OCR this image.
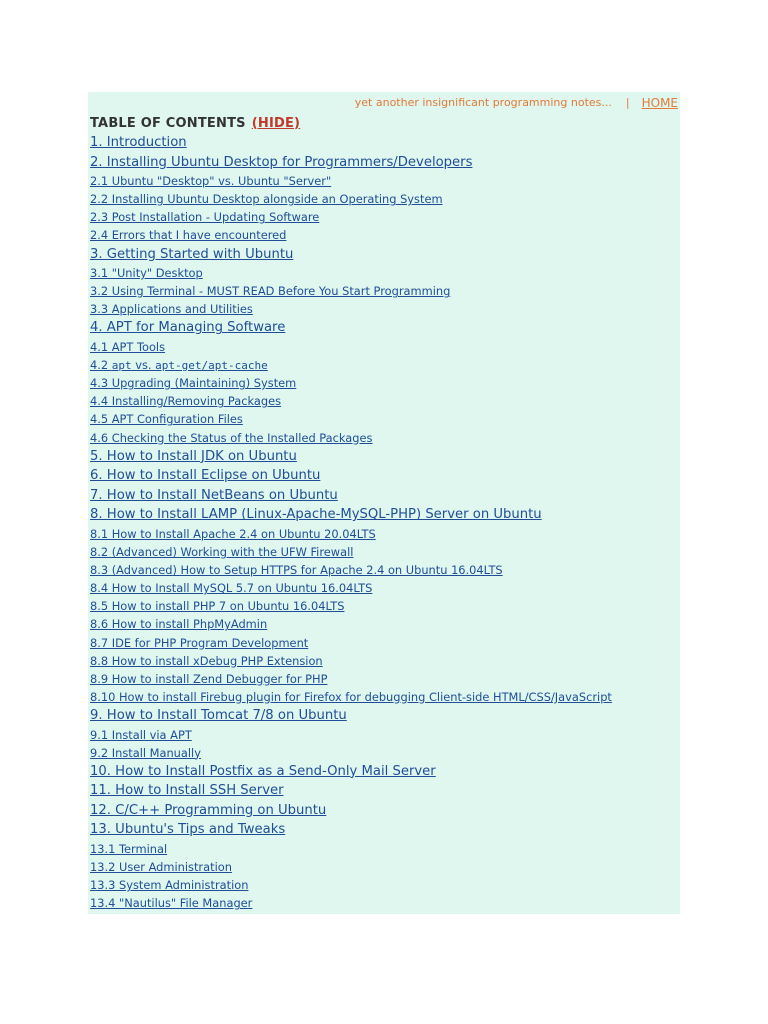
yet another insignificant programming notes... | HOME
TABLE OF CONTENTS (HIDE)
1. Introduction
2. Installing Ubuntu Desktop for Programmers/Developers
2.1 Ubuntu "Desktop" vs. Ubuntu "Server"
2.2 Installing Ubuntu Desktop alongside an Operating System
2.3 Post Installation - Updating Software
2.4 Errors that I have encountered
3. Getting Started with Ubuntu
3.1 "Unity" Desktop
3.2 Using Terminal - MUST READ Before You Start Programming
3.3 Applications and Utilities
4. APT for Managing Software
4.1 APT Tools
4.2 apt vs. apt-get/apt-cache
4.3 Upgrading (Maintaining) System
4.4 Installing/Removing Packages
4.5 APT Configuration Files
4.6 Checking the Status of the Installed Packages
5. How to Install JDK on Ubuntu
6. How to Install Eclipse on Ubuntu
7. How to Install NetBeans on Ubuntu
8. How to Install LAMP (Linux-Apache-MySQL-PHP) Server on Ubuntu
8.1 How to Install Apache 2.4 on Ubuntu 20.04LTS
8.2 (Advanced) Working with the UFW Firewall
8.3 (Advanced) How to Setup HTTPS for Apache 2.4 on Ubuntu 16.04LTS
8.4 How to Install MySQL 5.7 on Ubuntu 16.04LTS
8.5 How to install PHP 7 on Ubuntu 16.04LTS
8.6 How to install PhpMyAdmin
8.7 IDE for PHP Program Development
8.8 How to install xDebug PHP Extension
8.9 How to install Zend Debugger for PHP
8.10 How to install Firebug plugin for Firefox for debugging Client-side HTML/CSS/JavaScript
9. How to Install Tomcat 7/8 on Ubuntu
9.1 Install via APT
9.2 Install Manually
10. How to Install Postfix as a Send-Only Mail Server
11. How to Install SSH Server
12. C/C++ Programming on Ubuntu
13. Ubuntu's Tips and Tweaks
13.1 Terminal
13.2 User Administration
13.3 System Administration
13.4 "Nautilus" File Manager
